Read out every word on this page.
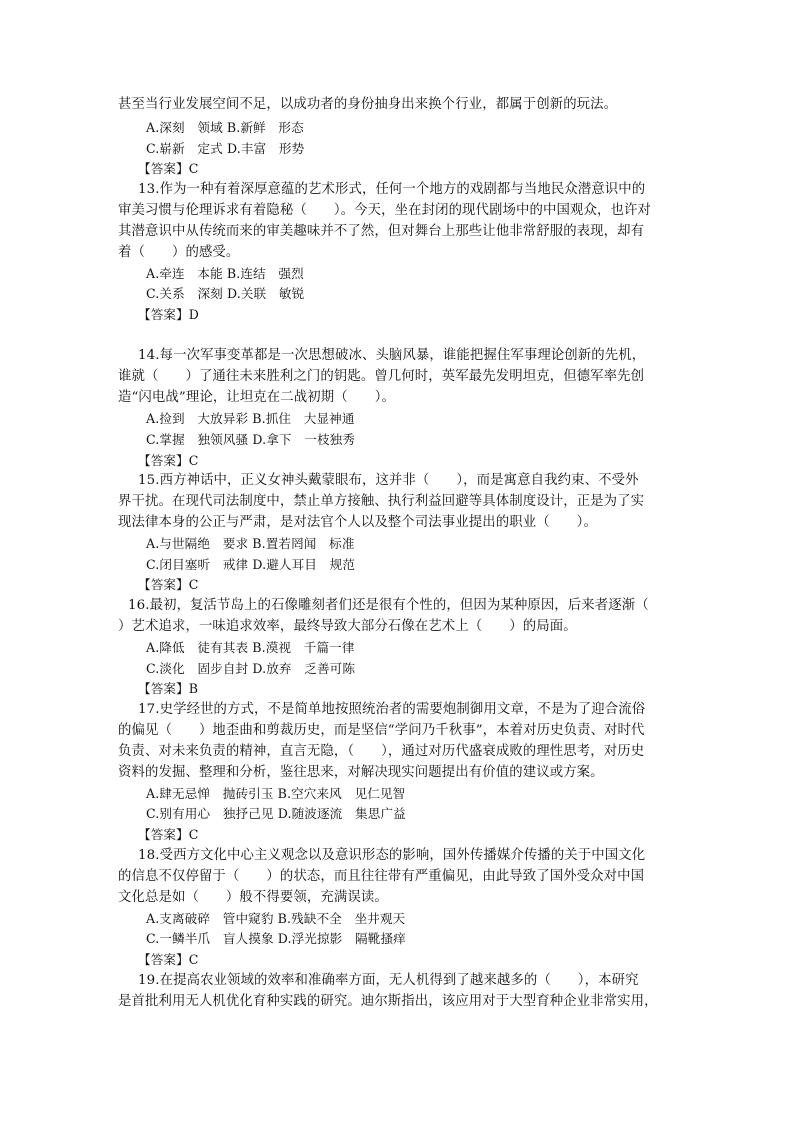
甚至当行业发展空间不足，以成功者的身份抽身出来换个行业，都属于创新的玩法。
A.深刻　领域 B.新鲜　形态
C.崭新　定式 D.丰富　形势
【答案】C
13.作为一种有着深厚意蕴的艺术形式，任何一个地方的戏剧都与当地民众潜意识中的
审美习惯与伦理诉求有着隐秘（　　）。今天，坐在封闭的现代剧场中的中国观众，也许对
其潜意识中从传统而来的审美趣味并不了然，但对舞台上那些让他非常舒服的表现，却有
着（　　）的感受。
A.牵连　本能 B.连结　强烈
C.关系　深刻 D.关联　敏锐
【答案】D
14.每一次军事变革都是一次思想破冰、头脑风暴，谁能把握住军事理论创新的先机，
谁就（　　）了通往未来胜利之门的钥匙。曾几何时，英军最先发明坦克，但德军率先创
造“闪电战”理论，让坦克在二战初期（　　）。
A.捡到　大放异彩 B.抓住　大显神通
C.掌握　独领风骚 D.拿下　一枝独秀
【答案】C
15.西方神话中，正义女神头戴蒙眼布，这并非（　　），而是寓意自我约束、不受外
界干扰。在现代司法制度中，禁止单方接触、执行利益回避等具体制度设计，正是为了实
现法律本身的公正与严肃，是对法官个人以及整个司法事业提出的职业（　　）。
A.与世隔绝　要求 B.置若罔闻　标准
C.闭目塞听　戒律 D.避人耳目　规范
【答案】C
16.最初，复活节岛上的石像雕刻者们还是很有个性的，但因为某种原因，后来者逐渐（
）艺术追求，一味追求效率，最终导致大部分石像在艺术上（　　）的局面。
A.降低　徒有其表 B.漠视　千篇一律
C.淡化　固步自封 D.放弃　乏善可陈
【答案】B
17.史学经世的方式，不是简单地按照统治者的需要炮制御用文章，不是为了迎合流俗
的偏见（　　）地歪曲和剪裁历史，而是坚信“学问乃千秋事”，本着对历史负责、对时代
负责、对未来负责的精神，直言无隐，（　　），通过对历代盛衰成败的理性思考，对历史
资料的发掘、整理和分析，鉴往思来，对解决现实问题提出有价值的建议或方案。
A.肆无忌惮　抛砖引玉 B.空穴来风　见仁见智
C.别有用心　独抒己见 D.随波逐流　集思广益
【答案】C
18.受西方文化中心主义观念以及意识形态的影响，国外传播媒介传播的关于中国文化
的信息不仅停留于（　　）的状态，而且往往带有严重偏见，由此导致了国外受众对中国
文化总是如（　　）般不得要领，充满误读。
A.支离破碎　管中窥豹 B.残缺不全　坐井观天
C.一鳞半爪　盲人摸象 D.浮光掠影　隔靴搔痒
【答案】C
19.在提高农业领域的效率和准确率方面，无人机得到了越来越多的（　　），本研究
是首批利用无人机优化育种实践的研究。迪尔斯指出，该应用对于大型育种企业非常实用，
